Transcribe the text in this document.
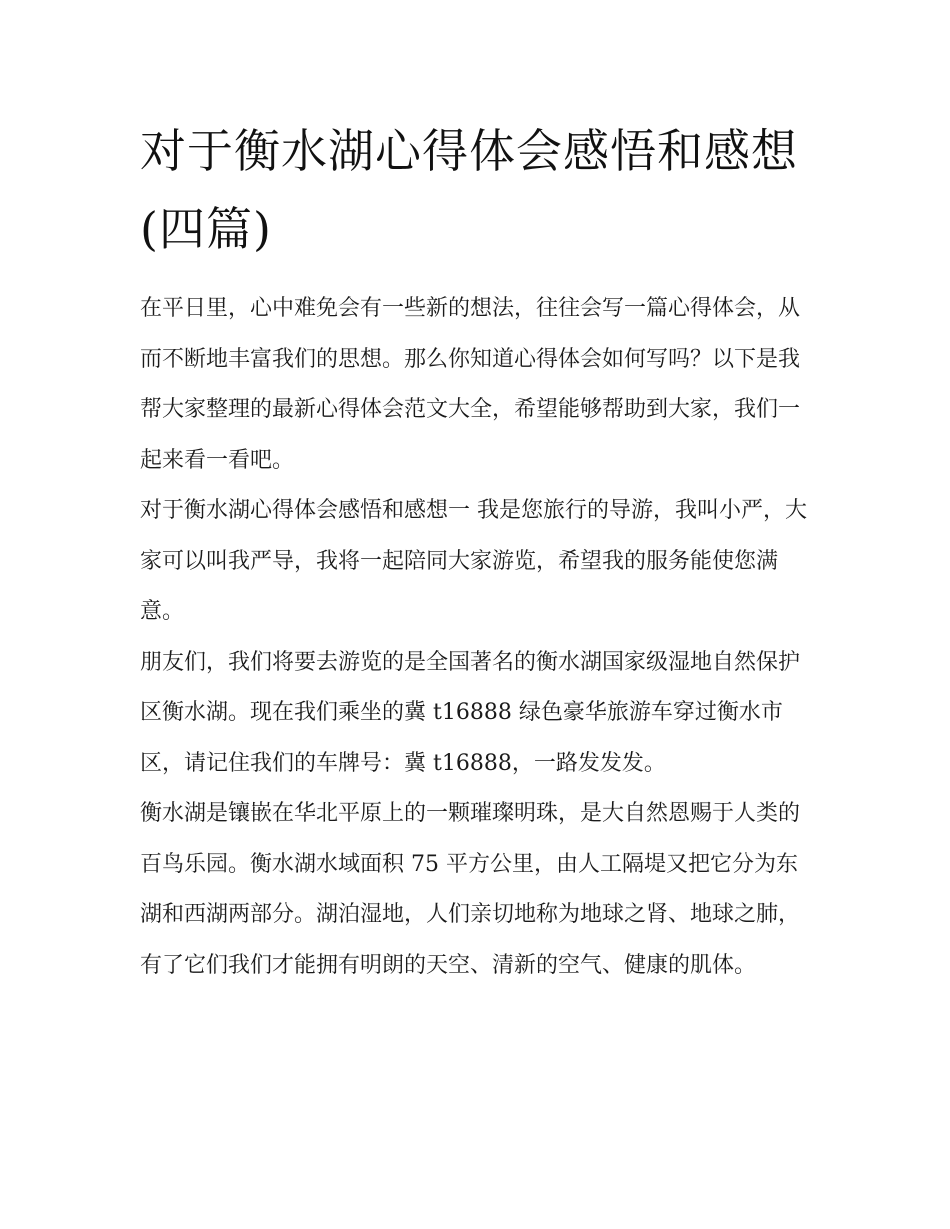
对于衡水湖心得体会感悟和感想(四篇)

在平日里，心中难免会有一些新的想法，往往会写一篇心得体会，从而不断地丰富我们的思想。那么你知道心得体会如何写吗？以下是我帮大家整理的最新心得体会范文大全，希望能够帮助到大家，我们一起来看一看吧。

对于衡水湖心得体会感悟和感想一 我是您旅行的导游，我叫小严，大家可以叫我严导，我将一起陪同大家游览，希望我的服务能使您满意。

朋友们，我们将要去游览的是全国著名的衡水湖国家级湿地自然保护区衡水湖。现在我们乘坐的冀 t16888 绿色豪华旅游车穿过衡水市区，请记住我们的车牌号：冀 t16888，一路发发发。

衡水湖是镶嵌在华北平原上的一颗璀璨明珠，是大自然恩赐于人类的百鸟乐园。衡水湖水域面积 75 平方公里，由人工隔堤又把它分为东湖和西湖两部分。湖泊湿地，人们亲切地称为地球之肾、地球之肺，有了它们我们才能拥有明朗的天空、清新的空气、健康的肌体。
